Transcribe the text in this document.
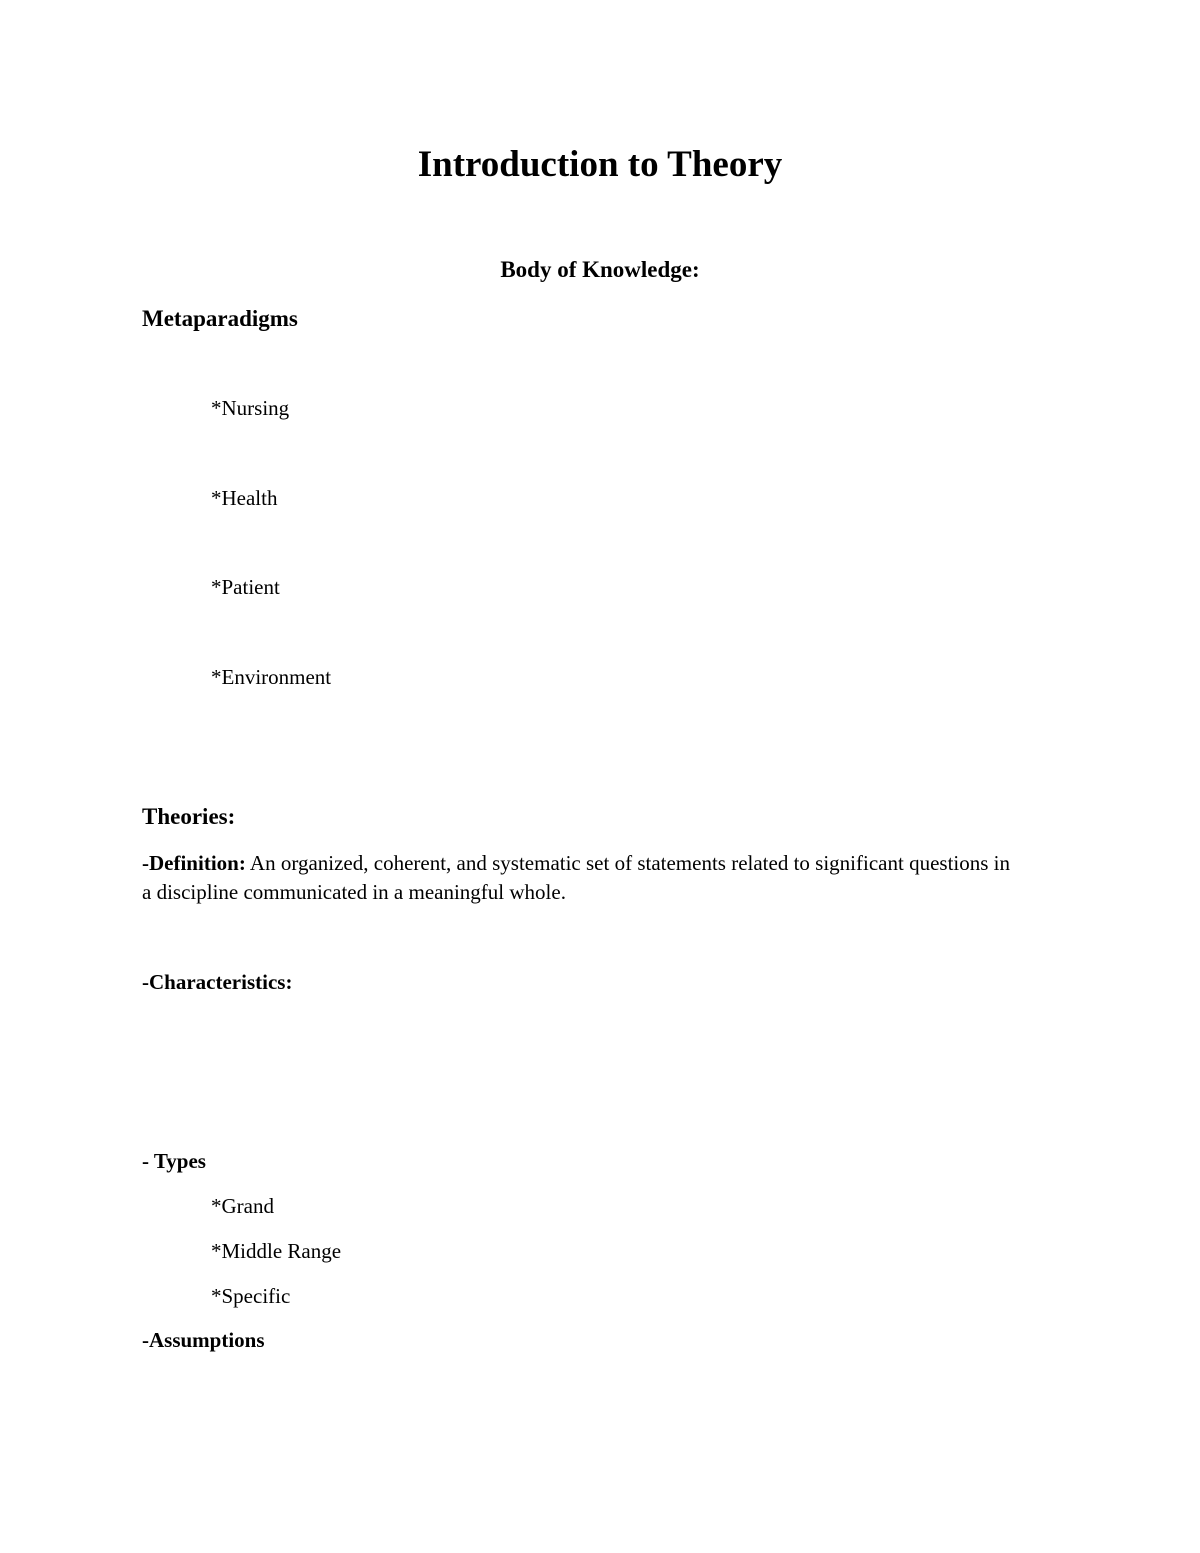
Introduction to Theory
Body of Knowledge:
Metaparadigms
*Nursing
*Health
*Patient
*Environment
Theories:
-Definition: An organized, coherent, and systematic set of statements related to significant questions in a discipline communicated in a meaningful whole.
-Characteristics:
- Types
*Grand
*Middle Range
*Specific
-Assumptions
